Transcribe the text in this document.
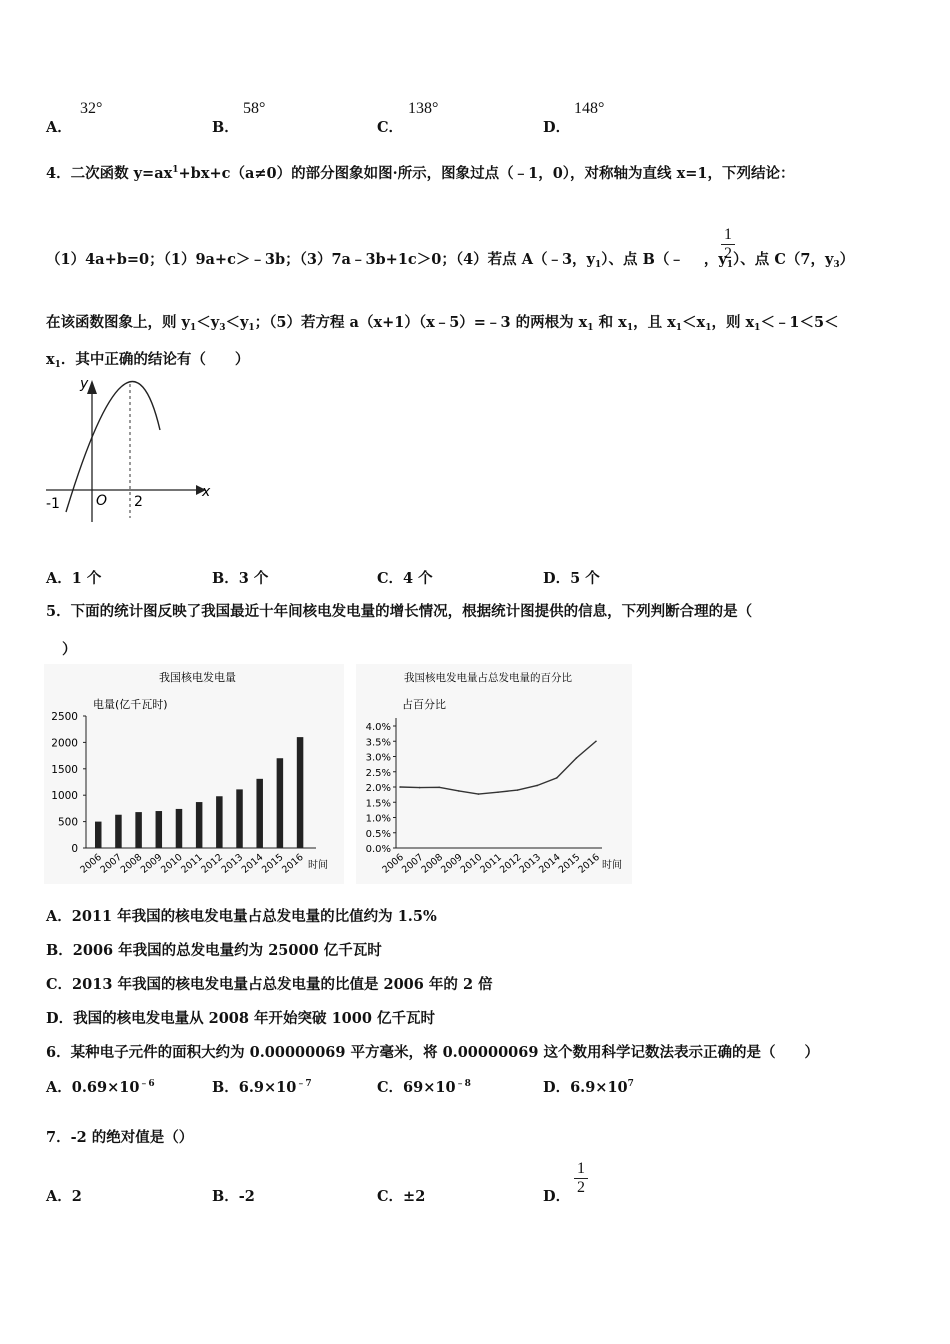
A．
32°
B．
58°
C．
138°
D．
148°
4．二次函数 $y=ax^1+bx+c(a\ne 0)$的部分图象如图·所示，图象过点（﹣1，0），对称轴为直线 x=1，下列结论：
（1）4a+b=0；（1）9a+c＞﹣3b；（3）7a﹣3b+1c＞0；（4）若点 A（﹣3，$y_1$）、点 B（﹣ ，$y_1$）、点 C（7，$y_3$）
$\frac{1}{2}$
在该函数图象上，则 $y_1<y_3<y_1$；（5）若方程 a（x+1）（x﹣5）=﹣3 的两根为 $x_1$ 和 $x_1$，且 $x_1<x_1$，则 $x_1<﹣1<5<$
$x_1$．其中正确的结论有（　　）
y
x
O
-1	2
A．1 个	B．3 个	C．4 个	D．5 个
5．下面的统计图反映了我国最近十年间核电发电量的增长情况，根据统计图提供的信息，下列判断合理的是（
）
我国核电发电量
电量(亿千瓦时)
时间
0
500
1000
1500
2000
2500
2006
2007
2008
2009
2010
2011
2012
2013
2014
2015
2016
我国核电发电量占总发电量的百分比
占百分比
时间
0.0%
0.5%
1.0%
1.5%
2.0%
2.5%
3.0%
3.5%
4.0%
2006
2007
2008
2009
2010
2011
2012
2013
2014
2015
2016
A．2011 年我国的核电发电量占总发电量的比值约为 1.5%
B．2006 年我国的总发电量约为 25000 亿千瓦时
C．2013 年我国的核电发电量占总发电量的比值是 2006 年的 2 倍
D．我国的核电发电量从 2008 年开始突破 1000 亿千瓦时
6．某种电子元件的面积大约为 0.00000069 平方毫米，将 0.00000069 这个数用科学记数法表示正确的是（　　）
A．$0.69\times 10^{﹣6}$	B．$6.9\times 10^{﹣7}$	C．$69\times 10^{﹣8}$	D．$6.9\times 10^7$
7．-2 的绝对值是（）
A．2	B．-2	C．±2	D． $\frac{1}{2}$
